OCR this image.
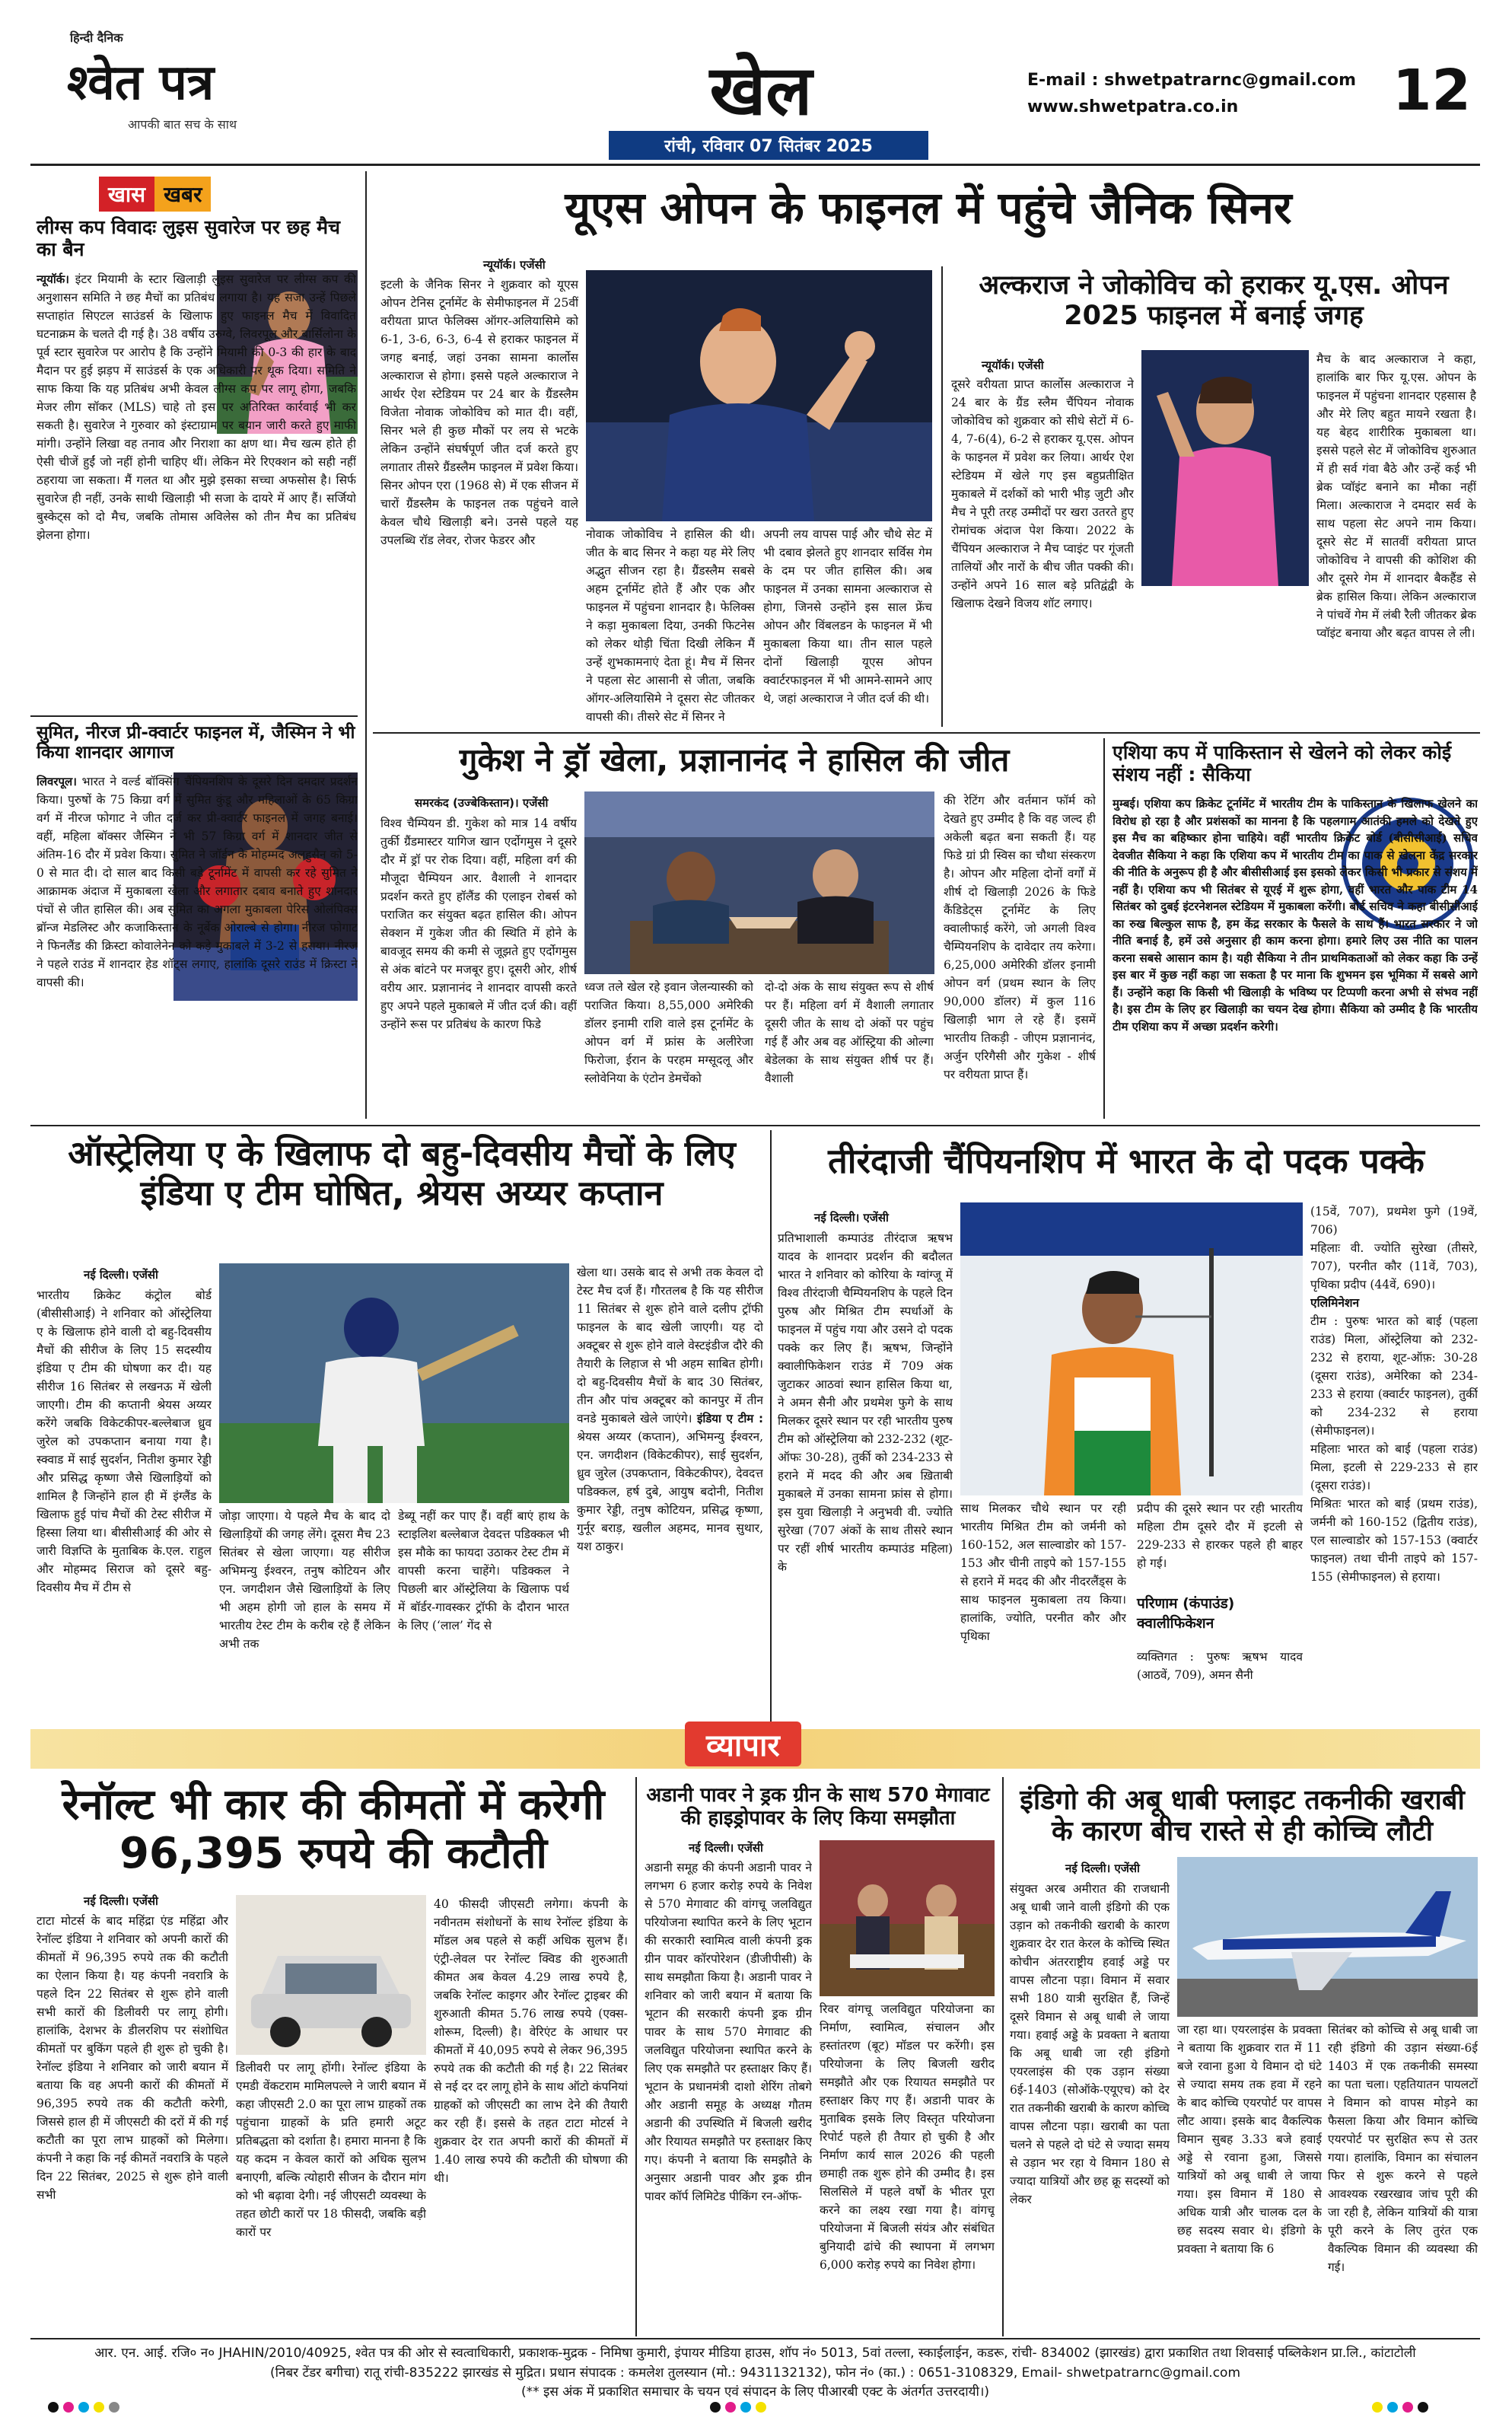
हिन्दी दैनिक
श्वेत पत्र
आपकी बात सच के साथ	खेल
रांची, रविवार 07 सितंबर 2025
E-mail : shwetpatrarnc@gmail.com
www.shwetpatra.co.in	12
खास खबर
लीग्स कप विवादः लुइस सुवारेज पर छह मैच का बैन
न्यूयॉर्क। इंटर मियामी के स्टार खिलाड़ी लुइस सुवारेज पर लीग्स कप की अनुशासन समिति ने छह मैचों का प्रतिबंध लगाया है। यह सजा उन्हें पिछले सप्ताहांत सिएटल साउंडर्स के खिलाफ हुए फाइनल मैच में विवादित घटनाक्रम के चलते दी गई है। 38 वर्षीय उरुग्वे, लिवरपूल और बार्सिलोना के पूर्व स्टार सुवारेज पर आरोप है कि उन्होंने मियामी की 0-3 की हार के बाद मैदान पर हुई झड़प में साउंडर्स के एक अधिकारी पर थूक दिया। समिति ने साफ किया कि यह प्रतिबंध अभी केवल लीग्स कप पर लागू होगा, जबकि मेजर लीग सॉकर (MLS) चाहे तो इस पर अतिरिक्त कार्रवाई भी कर सकती है। सुवारेज ने गुरुवार को इंस्टाग्राम पर बयान जारी करते हुए माफी मांगी। उन्होंने लिखा वह तनाव और निराशा का क्षण था। मैच खत्म होते ही ऐसी चीजें हुईं जो नहीं होनी चाहिए थीं। लेकिन मेरे रिएक्शन को सही नहीं ठहराया जा सकता। मैं गलत था और मुझे इसका सच्चा अफसोस है। सिर्फ सुवारेज ही नहीं, उनके साथी खिलाड़ी भी सजा के दायरे में आए हैं। सर्जियो बुस्केट्स को दो मैच, जबकि तोमास अविलेस को तीन मैच का प्रतिबंध झेलना होगा।
सुमित, नीरज प्री-क्वार्टर फाइनल में, जैस्मिन ने भी किया शानदार आगाज
लिवरपूल। भारत ने वर्ल्ड बॉक्सिंग चैंपियनशिप के दूसरे दिन दमदार प्रदर्शन किया। पुरुषों के 75 किग्रा वर्ग में सुमित कुंडू और महिलाओं के 65 किग्रा वर्ग में नीरज फोगाट ने जीत दर्ज कर प्री-क्वार्टर फाइनल में जगह बनाई। वहीं, महिला बॉक्सर जैस्मिन ने भी 57 किग्रा वर्ग में शानदार जीत से अंतिम-16 दौर में प्रवेश किया। सुमित ने जॉर्डन के मोहम्मद अलहुसैन को 5-0 से मात दी। दो साल बाद किसी बड़े टूर्नामेंट में वापसी कर रहे सुमित ने आक्रामक अंदाज में मुकाबला खेला और लगातार दबाव बनाते हुए शानदार पंचों से जीत हासिल की। अब सुमित का अगला मुकाबला पेरिस ओलंपिक्स ब्रॉन्ज मेडलिस्ट और कजाकिस्तान के नूर्बेक ओराल्बे से होगा। नीरज फोगाट ने फिनलैंड की क्रिस्टा कोवालेनेन को कड़े मुकाबले में 3-2 से हराया। नीरज ने पहले राउंड में शानदार हेड शॉट्स लगाए, हालांकि दूसरे राउंड में क्रिस्टा ने वापसी की।
यूएस ओपन के फाइनल में पहुंचे जैनिक सिनर
न्यूयॉर्क। एजेंसी
इटली के जैनिक सिनर ने शुक्रवार को यूएस ओपन टेनिस टूर्नामेंट के सेमीफाइनल में 25वीं वरीयता प्राप्त फेलिक्स ऑगर-अलियासिमे को 6-1, 3-6, 6-3, 6-4 से हराकर फाइनल में जगह बनाई, जहां उनका सामना कार्लोस अल्काराज से होगा। इससे पहले अल्काराज ने आर्थर ऐश स्टेडियम पर 24 बार के ग्रैंडस्लैम विजेता नोवाक जोकोविच को मात दी। वहीं, सिनर भले ही कुछ मौकों पर लय से भटके लेकिन उन्होंने संघर्षपूर्ण जीत दर्ज करते हुए लगातार तीसरे ग्रैंडस्लैम फाइनल में प्रवेश किया। सिनर ओपन एरा (1968 से) में एक सीजन में चारों ग्रैंडस्लैम के फाइनल तक पहुंचने वाले केवल चौथे खिलाड़ी बने। उनसे पहले यह उपलब्धि रॉड लेवर, रोजर फेडरर और	नोवाक जोकोविच ने हासिल की थी। जीत के बाद सिनर ने कहा यह मेरे लिए अद्भुत सीजन रहा है। ग्रैंडस्लैम सबसे अहम टूर्नामेंट होते हैं और एक और फाइनल में पहुंचना शानदार है। फेलिक्स ने कड़ा मुकाबला दिया, उनकी फिटनेस को लेकर थोड़ी चिंता दिखी लेकिन मैं उन्हें शुभकामनाएं देता हूं। मैच में सिनर ने पहला सेट आसानी से जीता, जबकि ऑगर-अलियासिमे ने दूसरा सेट जीतकर वापसी की। तीसरे सेट में सिनर ने
अपनी लय वापस पाई और चौथे सेट में भी दबाव झेलते हुए शानदार सर्विस गेम के दम पर जीत हासिल की। अब फाइनल में उनका सामना अल्काराज से होगा, जिनसे उन्होंने इस साल फ्रेंच ओपन और विंबलडन के फाइनल में भी मुकाबला किया था। तीन साल पहले दोनों खिलाड़ी यूएस ओपन क्वार्टरफाइनल में भी आमने-सामने आए थे, जहां अल्काराज ने जीत दर्ज की थी।
अल्कराज ने जोकोविच को हराकर यू.एस. ओपन 2025 फाइनल में बनाई जगह
न्यूयॉर्क। एजेंसी
दूसरे वरीयता प्राप्त कार्लोस अल्काराज ने 24 बार के ग्रैंड स्लैम चैंपियन नोवाक जोकोविच को शुक्रवार को सीधे सेटों में 6-4, 7-6(4), 6-2 से हराकर यू.एस. ओपन के फाइनल में प्रवेश कर लिया। आर्थर ऐश स्टेडियम में खेले गए इस बहुप्रतीक्षित मुकाबले में दर्शकों को भारी भीड़ जुटी और मैच ने पूरी तरह उम्मीदों पर खरा उतरते हुए रोमांचक अंदाज पेश किया। 2022 के चैंपियन अल्काराज ने मैच प्वाइंट पर गूंजती तालियों और नारों के बीच जीत पक्की की। उन्होंने अपने 16 साल बड़े प्रतिद्वंद्वी के खिलाफ देखने विजय शॉट लगाए।
मैच के बाद अल्काराज ने कहा, हालांकि बार फिर यू.एस. ओपन के फाइनल में पहुंचना शानदार एहसास है और मेरे लिए बहुत मायने रखता है। यह बेहद शारीरिक मुकाबला था। इससे पहले सेट में जोकोविच शुरुआत में ही सर्व गंवा बैठे और उन्हें कई भी ब्रेक प्वॉइंट बनाने का मौका नहीं मिला। अल्काराज ने दमदार सर्व के साथ पहला सेट अपने नाम किया। दूसरे सेट में सातवीं वरीयता प्राप्त जोकोविच ने वापसी की कोशिश की और दूसरे गेम में शानदार बैकहैंड से ब्रेक हासिल किया। लेकिन अल्काराज ने पांचवें गेम में लंबी रैली जीतकर ब्रेक प्वॉइंट बनाया और बढ़त वापस ले ली।
गुकेश ने ड्रॉ खेला, प्रज्ञानानंद ने हासिल की जीत
समरकंद (उज्बेकिस्तान)। एजेंसी
विश्व चैम्पियन डी. गुकेश को मात्र 14 वर्षीय तुर्की ग्रैंडमास्टर यागिज खान एर्दोगमुस ने दूसरे दौर में ड्रॉ पर रोक दिया। वहीं, महिला वर्ग की मौजूदा चैम्पियन आर. वैशाली ने शानदार प्रदर्शन करते हुए हॉलैंड की एलाइन रोबर्स को पराजित कर संयुक्त बढ़त हासिल की। ओपन सेक्शन में गुकेश जीत की स्थिति में होने के बावजूद समय की कमी से जूझते हुए एर्दोगमुस से अंक बांटने पर मजबूर हुए। दूसरी ओर, शीर्ष वरीय आर. प्रज्ञानानंद ने शानदार वापसी करते हुए अपने पहले मुकाबले में जीत दर्ज की। वहीं उन्होंने रूस पर प्रतिबंध के कारण फिडे
ध्वज तले खेल रहे इवान जेलन्यास्की को पराजित किया। 8,55,000 अमेरिकी डॉलर इनामी राशि वाले इस टूर्नामेंट के ओपन वर्ग में फ्रांस के अलीरेजा फिरोजा, ईरान के परहम मग्सूदलू और स्लोवेनिया के एंटोन डेमचेंको
दो-दो अंक के साथ संयुक्त रूप से शीर्ष पर हैं। महिला वर्ग में वैशाली लगातार दूसरी जीत के साथ दो अंकों पर पहुंच गई हैं और अब वह ऑस्ट्रिया की ओल्गा बेडेलका के साथ संयुक्त शीर्ष पर हैं। वैशाली
की रेटिंग और वर्तमान फॉर्म को देखते हुए उम्मीद है कि वह जल्द ही अकेली बढ़त बना सकती हैं। यह फिडे ग्रां प्री स्विस का चौथा संस्करण है। ओपन और महिला दोनों वर्गों में शीर्ष दो खिलाड़ी 2026 के फिडे कैंडिडेट्स टूर्नामेंट के लिए क्वालीफाई करेंगे, जो अगली विश्व चैम्पियनशिप के दावेदार तय करेगा। 6,25,000 अमेरिकी डॉलर इनामी ओपन वर्ग (प्रथम स्थान के लिए 90,000 डॉलर) में कुल 116 खिलाड़ी भाग ले रहे हैं। इसमें भारतीय तिकड़ी - जीएम प्रज्ञानानंद, अर्जुन एरिगैसी और गुकेश - शीर्ष पर वरीयता प्राप्त हैं।
एशिया कप में पाकिस्तान से खेलने को लेकर कोई संशय नहीं : सैकिया
मुम्बई। एशिया कप क्रिकेट टूर्नामेंट में भारतीय टीम के पाकिस्तान के खिलाफ खेलने का विरोध हो रहा है और प्रशंसकों का मानना है कि पहलगाम आतंकी हमले को देखते हुए इस मैच का बहिष्कार होना चाहिये। वहीं भारतीय क्रिकेट बोर्ड (बीसीसीआई) सचिव देवजीत सैकिया ने कहा कि एशिया कप में भारतीय टीम का पाक से खेलना केंद्र सरकार की नीति के अनुरूप ही है और बीसीसीआई इस इसको लेकर किसी भी प्रकार से संशय में नहीं है। एशिया कप भी सितंबर से यूएई में शुरू होगा, वहीं भारत और पाक टीम 14 सितंबर को दुबई इंटरनेशनल स्टेडियम में मुकाबला करेंगी। बोर्ड सचिव ने कहा बीसीसीआई का रुख बिल्कुल साफ है, हम केंद्र सरकार के फैसले के साथ हैं। भारत सरकार ने जो नीति बनाई है, हमें उसे अनुसार ही काम करना होगा। हमारे लिए उस नीति का पालन करना सबसे आसान काम है। यही सैकिया ने तीन प्राथमिकताओं को लेकर कहा कि उन्हें इस बार में कुछ नहीं कहा जा सकता है पर माना कि शुभमन इस भूमिका में सबसे आगे हैं। उन्होंने कहा कि किसी भी खिलाड़ी के भविष्य पर टिप्पणी करना अभी से संभव नहीं है। इस टीम के लिए हर खिलाड़ी का चयन देख होगा। सैकिया को उम्मीद है कि भारतीय टीम एशिया कप में अच्छा प्रदर्शन करेगी।
ऑस्ट्रेलिया ए के खिलाफ दो बहु-दिवसीय मैचों के लिए इंडिया ए टीम घोषित, श्रेयस अय्यर कप्तान
नई दिल्ली। एजेंसी
भारतीय क्रिकेट कंट्रोल बोर्ड (बीसीसीआई) ने शनिवार को ऑस्ट्रेलिया ए के खिलाफ होने वाली दो बहु-दिवसीय मैचों की सीरीज के लिए 15 सदस्यीय इंडिया ए टीम की घोषणा कर दी। यह सीरीज 16 सितंबर से लखनऊ में खेली जाएगी। टीम की कप्तानी श्रेयस अय्यर करेंगे जबकि विकेटकीपर-बल्लेबाज ध्रुव जुरेल को उपकप्तान बनाया गया है। स्क्वाड में साई सुदर्शन, नितीश कुमार रेड्डी और प्रसिद्ध कृष्णा जैसे खिलाड़ियों को शामिल है जिन्होंने हाल ही में इंग्लैंड के खिलाफ हुई पांच मैचों की टेस्ट सीरीज में हिस्सा लिया था। बीसीसीआई की ओर से जारी विज्ञप्ति के मुताबिक के.एल. राहुल और मोहम्मद सिराज को दूसरे बहु-दिवसीय मैच में टीम से
जोड़ा जाएगा। ये पहले मैच के बाद दो खिलाड़ियों की जगह लेंगे। दूसरा मैच 23 सितंबर से खेला जाएगा। यह सीरीज अभिमन्यु ईश्वरन, तनुष कोटियन और एन. जगदीशन जैसे खिलाड़ियों के लिए भी अहम होगी जो हाल के समय में भारतीय टेस्ट टीम के करीब रहे हैं लेकिन अभी तक
डेब्यू नहीं कर पाए हैं। वहीं बाएं हाथ के स्टाइलिश बल्लेबाज देवदत्त पडिक्कल भी इस मौके का फायदा उठाकर टेस्ट टीम में वापसी करना चाहेंगे। पडिक्कल ने पिछली बार ऑस्ट्रेलिया के खिलाफ पर्थ में बॉर्डर-गावस्कर ट्रॉफी के दौरान भारत के लिए (‘लाल’ गेंद से
खेला था। उसके बाद से अभी तक केवल दो टेस्ट मैच दर्ज हैं। गौरतलब है कि यह सीरीज 11 सितंबर से शुरू होने वाले दलीप ट्रॉफी फाइनल के बाद खेली जाएगी। यह दो अक्टूबर से शुरू होने वाले वेस्टइंडीज दौरे की तैयारी के लिहाज से भी अहम साबित होगी। दो बहु-दिवसीय मैचों के बाद 30 सितंबर, तीन और पांच अक्टूबर को कानपुर में तीन वनडे मुकाबले खेले जाएंगे। इंडिया ए टीम : श्रेयस अय्यर (कप्तान), अभिमन्यु ईश्वरन, एन. जगदीशन (विकेटकीपर), साई सुदर्शन, ध्रुव जुरेल (उपकप्तान, विकेटकीपर), देवदत्त पडिक्कल, हर्ष दुबे, आयुष बदोनी, नितीश कुमार रेड्डी, तनुष कोटियन, प्रसिद्ध कृष्णा, गुर्नूर बराड़, खलील अहमद, मानव सुथार, यश ठाकुर।
तीरंदाजी चैंपियनशिप में भारत के दो पदक पक्के
नई दिल्ली। एजेंसी
प्रतिभाशाली कम्पाउंड तीरंदाज ऋषभ यादव के शानदार प्रदर्शन की बदौलत भारत ने शनिवार को कोरिया के ग्वांग्जू में विश्व तीरंदाजी चैम्पियनशिप के पहले दिन पुरुष और मिश्रित टीम स्पर्धाओं के फाइनल में पहुंच गया और उसने दो पदक पक्के कर लिए हैं। ऋषभ, जिन्होंने क्वालीफिकेशन राउंड में 709 अंक जुटाकर आठवां स्थान हासिल किया था, ने अमन सैनी और प्रथमेश फुगे के साथ मिलकर दूसरे स्थान पर रही भारतीय पुरुष टीम को ऑस्ट्रेलिया को 232-232 (शूट-ऑफः 30-28), तुर्की को 234-233 से हराने में मदद की और अब ख़िताबी मुकाबले में उनका सामना फ्रांस से होगा। इस युवा खिलाड़ी ने अनुभवी वी. ज्योति सुरेखा (707 अंकों के साथ तीसरे स्थान पर रहीं शीर्ष भारतीय कम्पाउंड महिला) के
साथ मिलकर चौथे स्थान पर रही भारतीय मिश्रित टीम को जर्मनी को 160-152, अल साल्वाडोर को 157-153 और चीनी ताइपे को 157-155 से हराने में मदद की और नीदरलैंड्स के साथ फाइनल मुकाबला तय किया। हालांकि, ज्योति, परनीत कौर और पृथिका
प्रदीप की दूसरे स्थान पर रही भारतीय महिला टीम दूसरे दौर में इटली से 229-233 से हारकर पहले ही बाहर हो गई।
परिणाम (कंपाउंड) क्वालीफिकेशन
व्यक्तिगत : पुरुषः ऋषभ यादव (आठवें, 709), अमन सैनी
(15वें, 707), प्रथमेश फुगे (19वें, 706)
महिलाः वी. ज्योति सुरेखा (तीसरे, 707), परनीत कौर (11वें, 703), पृथिका प्रदीप (44वें, 690)।
एलिमिनेशन
टीम : पुरुषः भारत को बाई (पहला राउंड) मिला, ऑस्ट्रेलिया को 232-232 से हराया, शूट-ऑफ़: 30-28 (दूसरा राउंड), अमेरिका को 234-233 से हराया (क्वार्टर फाइनल), तुर्की को 234-232 से हराया (सेमीफाइनल)।
महिलाः भारत को बाई (पहला राउंड) मिला, इटली से 229-233 से हार (दूसरा राउंड)।
मिश्रितः भारत को बाई (प्रथम राउंड), जर्मनी को 160-152 (द्वितीय राउंड), एल साल्वाडोर को 157-153 (क्वार्टर फाइनल) तथा चीनी ताइपे को 157-155 (सेमीफाइनल) से हराया।
व्यापार
रेनॉल्ट भी कार की कीमतों में करेगी 96,395 रुपये की कटौती
नई दिल्ली। एजेंसी
टाटा मोटर्स के बाद महिंद्रा एंड महिंद्रा और रेनॉल्ट इंडिया ने शनिवार को अपनी कारों की कीमतों में 96,395 रुपये तक की कटौती का ऐलान किया है। यह कंपनी नवरात्रि के पहले दिन 22 सितंबर से शुरू होने वाली सभी कारों की डिलीवरी पर लागू होगी। हालांकि, देशभर के डीलरशिप पर संशोधित कीमतों पर बुकिंग पहले ही शुरू हो चुकी है। रेनॉल्ट इंडिया ने शनिवार को जारी बयान में बताया कि वह अपनी कारों की कीमतों में 96,395 रुपये तक की कटौती करेगी, जिससे हाल ही में जीएसटी की दरों में की गई कटौती का पूरा लाभ ग्राहकों को मिलेगा। कंपनी ने कहा कि नई कीमतें नवरात्रि के पहले दिन 22 सितंबर, 2025 से शुरू होने वाली सभी
डिलीवरी पर लागू होंगी। रेनॉल्ट इंडिया के एमडी वेंकटराम मामिलपल्ले ने जारी बयान में कहा जीएसटी 2.0 का पूरा लाभ ग्राहकों तक पहुंचाना ग्राहकों के प्रति हमारी अटूट प्रतिबद्धता को दर्शाता है। हमारा मानना है कि यह कदम न केवल कारों को अधिक सुलभ बनाएगी, बल्कि त्योहारी सीजन के दौरान मांग को भी बढ़ावा देगी। नई जीएसटी व्यवस्था के तहत छोटी कारों पर 18 फीसदी, जबकि बड़ी कारों पर
40 फीसदी जीएसटी लगेगा। कंपनी के नवीनतम संशोधनों के साथ रेनॉल्ट इंडिया के मॉडल अब पहले से कहीं अधिक सुलभ हैं। एंट्री-लेवल पर रेनॉल्ट क्विड की शुरुआती कीमत अब केवल 4.29 लाख रुपये है, जबकि रेनॉल्ट काइगर और रेनॉल्ट ट्राइबर की शुरुआती कीमत 5.76 लाख रुपये (एक्स-शोरूम, दिल्ली) है। वेरिएंट के आधार पर कीमतों में 40,095 रुपये से लेकर 96,395 रुपये तक की कटौती की गई है। 22 सितंबर से नई दर दर लागू होने के साथ ऑटो कंपनियां ग्राहकों को जीएसटी का लाभ देने की तैयारी कर रही हैं। इससे के तहत टाटा मोटर्स ने शुक्रवार देर रात अपनी कारों की कीमतों में 1.40 लाख रुपये की कटौती की घोषणा की थी।
अडानी पावर ने ड्रक ग्रीन के साथ 570 मेगावाट की हाइड्रोपावर के लिए किया समझौता
नई दिल्ली। एजेंसी
अडानी समूह की कंपनी अडानी पावर ने लगभग 6 हजार करोड़ रुपये के निवेश से 570 मेगावाट की वांगचू जलविद्युत परियोजना स्थापित करने के लिए भूटान की सरकारी स्वामित्व वाली कंपनी ड्रक ग्रीन पावर कॉरपोरेशन (डीजीपीसी) के साथ समझौता किया है। अडानी पावर ने शनिवार को जारी बयान में बताया कि भूटान की सरकारी कंपनी ड्रक ग्रीन पावर के साथ 570 मेगावाट की जलविद्युत परियोजना स्थापित करने के लिए एक समझौते पर हस्ताक्षर किए हैं। भूटान के प्रधानमंत्री दाशो शेरिंग तोबगे और अडानी समूह के अध्यक्ष गौतम अडानी की उपस्थिति में बिजली खरीद और रियायत समझौते पर हस्ताक्षर किए गए। कंपनी ने बताया कि समझौते के अनुसार अडानी पावर और ड्रक ग्रीन पावर कॉर्प लिमिटेड पीकिंग रन-ऑफ-
रिवर वांगचू जलविद्युत परियोजना का निर्माण, स्वामित्व, संचालन और हस्तांतरण (बूट) मॉडल पर करेंगी। इस परियोजना के लिए बिजली खरीद समझौते और एक रियायत समझौते पर हस्ताक्षर किए गए हैं। अडानी पावर के मुताबिक इसके लिए विस्तृत परियोजना रिपोर्ट पहले ही तैयार हो चुकी है और निर्माण कार्य साल 2026 की पहली छमाही तक शुरू होने की उम्मीद है। इस सिलसिले में पहले वर्षों के भीतर पूरा करने का लक्ष्य रखा गया है। वांगचू परियोजना में बिजली संयंत्र और संबंधित बुनियादी ढांचे की स्थापना में लगभग 6,000 करोड़ रुपये का निवेश होगा।
इंडिगो की अबू धाबी फ्लाइट तकनीकी खराबी के कारण बीच रास्ते से ही कोच्चि लौटी
नई दिल्ली। एजेंसी
संयुक्त अरब अमीरात की राजधानी अबू धाबी जाने वाली इंडिगो की एक उड़ान को तकनीकी खराबी के कारण शुक्रवार देर रात केरल के कोच्चि स्थित कोचीन अंतरराष्ट्रीय हवाई अड्डे पर वापस लौटना पड़ा। विमान में सवार सभी 180 यात्री सुरक्षित हैं, जिन्हें दूसरे विमान से अबू धाबी ले जाया गया। हवाई अड्डे के प्रवक्ता ने बताया कि अबू धाबी जा रही इंडिगो एयरलाइंस की एक उड़ान संख्या 6ई-1403 (सोऑके-एयूएच) को देर रात तकनीकी खराबी के कारण कोच्चि वापस लौटना पड़ा। खराबी का पता चलने से पहले दो घंटे से ज्यादा समय से उड़ान भर रहा ये विमान 180 से ज्यादा यात्रियों और छह क्रू सदस्यों को लेकर
जा रहा था। एयरलाइंस के प्रवक्ता ने बताया कि शुक्रवार रात में 11 बजे रवाना हुआ ये विमान दो घंटे से ज्यादा समय तक हवा में रहने के बाद कोच्चि एयरपोर्ट पर वापस लौट आया। इसके बाद वैकल्पिक विमान सुबह 3.33 बजे हवाई अड्डे से रवाना हुआ, जिससे यात्रियों को अबू धाबी ले जाया गया। इस विमान में 180 से अधिक यात्री और चालक दल के छह सदस्य सवार थे। इंडिगो के प्रवक्ता ने बताया कि 6
सितंबर को कोच्चि से अबू धाबी जा रही इंडिगो की उड़ान संख्या-6ई 1403 में एक तकनीकी समस्या का पता चला। एहतियातन पायलटों ने विमान को वापस मोड़ने का फैसला किया और विमान कोच्चि एयरपोर्ट पर सुरक्षित रूप से उतर गया। हालांकि, विमान का संचालन फिर से शुरू करने से पहले आवश्यक रखरखाव जांच पूरी की जा रही है, लेकिन यात्रियों की यात्रा पूरी करने के लिए तुरंत एक वैकल्पिक विमान की व्यवस्था की गई।
आर. एन. आई. रजि० न० JHAHIN/2010/40925, श्वेत पत्र की ओर से स्वत्वाधिकारी, प्रकाशक-मुद्रक - निमिषा कुमारी, इंपायर मीडिया हाउस, शॉप नं० 5013, 5वां तल्ला, स्काईलाईन, कडरू, रांची- 834002 (झारखंड) द्वारा प्रकाशित तथा शिवसाई पब्लिकेशन प्रा.लि., कांटाटोली
(निबर टेंडर बगीचा) रातू रांची-835222 झारखंड से मुद्रित। प्रधान संपादक : कमलेश तुलस्यान (मो.: 9431132132), फोन नं० (का.) : 0651-3108329, Email- shwetpatrarnc@gmail.com
(** इस अंक में प्रकाशित समाचार के चयन एवं संपादन के लिए पीआरबी एक्ट के अंतर्गत उत्तरदायी।)
